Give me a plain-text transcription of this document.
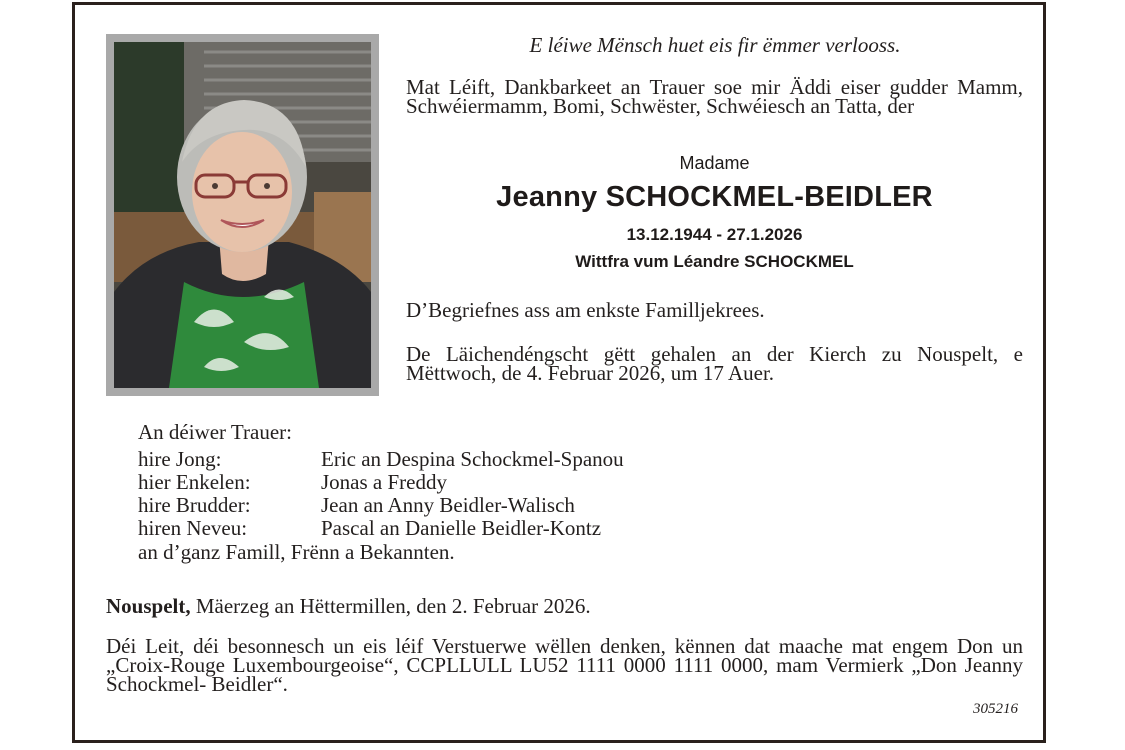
E léiwe Mënsch huet eis fir ëmmer verlooss.
Mat Léift, Dankbarkeet an Trauer soe mir Äddi eiser gudder Mamm, Schwéiermamm, Bomi, Schwëster, Schwéiesch an Tatta, der
Madame
Jeanny SCHOCKMEL-BEIDLER
13.12.1944 - 27.1.2026
Wittfra vum Léandre SCHOCKMEL
D’Begriefnes ass am enkste Familljekrees.
De Läichendéngscht gëtt gehalen an der Kierch zu Nouspelt, e Mëttwoch, de 4. Februar 2026, um 17 Auer.
An déiwer Trauer:
hire Jong:	Eric an Despina Schockmel-Spanou
hier Enkelen:	Jonas a Freddy
hire Brudder:	Jean an Anny Beidler-Walisch
hiren Neveu:	Pascal an Danielle Beidler-Kontz
an d’ganz Famill, Frënn a Bekannten.
Nouspelt, Mäerzeg an Hëttermillen, den 2. Februar 2026.
Déi Leit, déi besonnesch un eis léif Verstuerwe wëllen denken, kënnen dat maache mat engem Don un „Croix-Rouge Luxembourgeoise“, CCPLLULL LU52 1111 0000 1111 0000, mam Vermierk „Don Jeanny Schockmel- Beidler“.
305216
